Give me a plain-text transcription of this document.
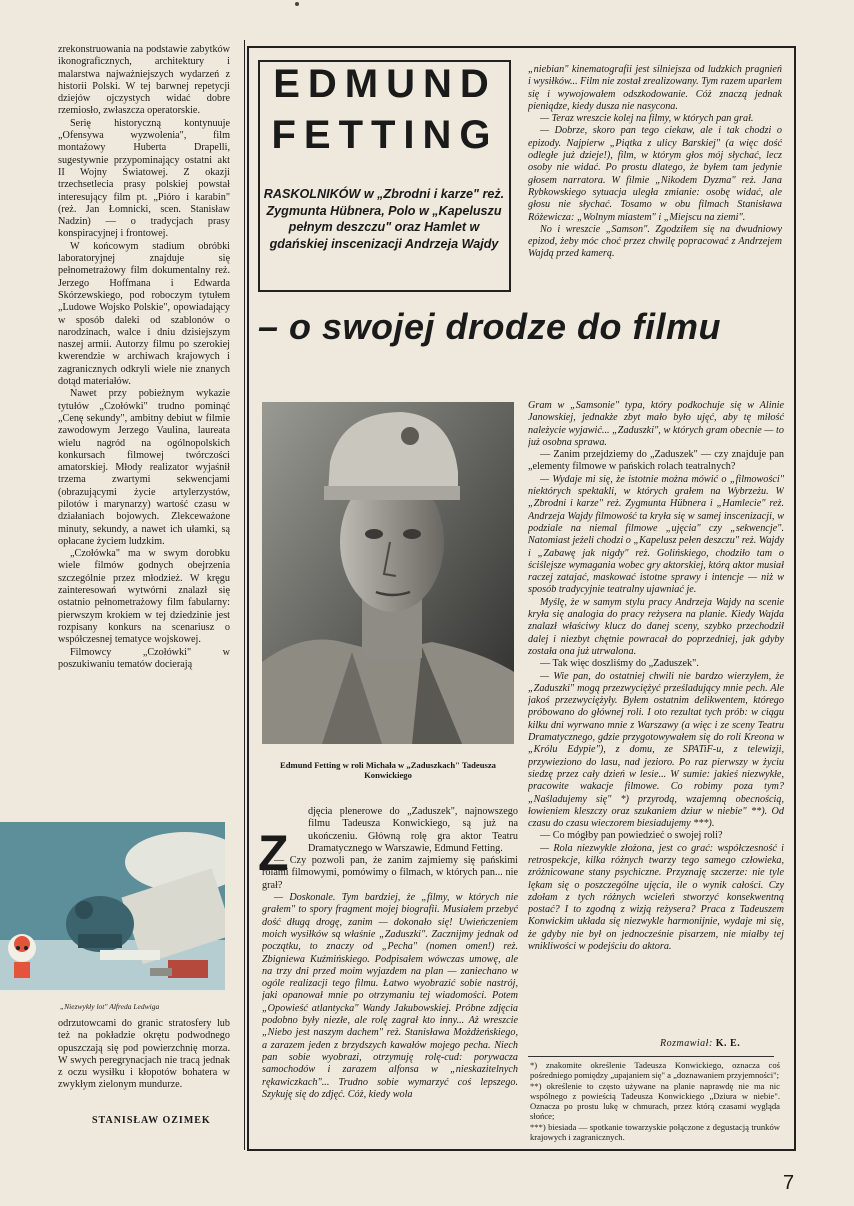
zrekonstruowania na podstawie zabytków ikonograficznych, architektury i malarstwa najważniejszych wydarzeń z historii Polski. W tej barwnej repetycji dziejów ojczystych widać dobre rzemiosło, zwłaszcza operatorskie.

Serię historyczną kontynuuje „Ofensywa wyzwolenia", film montażowy Huberta Drapelli, sugestywnie przypominający ostatni akt II Wojny Światowej. Z okazji trzechsetlecia prasy polskiej powstał interesujący film pt. „Pióro i karabin" (reż. Jan Łomnicki, scen. Stanisław Nadzin) — o tradycjach prasy konspiracyjnej i frontowej.

W końcowym stadium obróbki laboratoryjnej znajduje się pełnometrażowy film dokumentalny reż. Jerzego Hoffmana i Edwarda Skórzewskiego, pod roboczym tytułem „Ludowe Wojsko Polskie", opowiadający w sposób daleki od szablonów o narodzinach, walce i dniu dzisiejszym naszej armii. Autorzy filmu po szerokiej kwerendzie w archiwach krajowych i zagranicznych odkryli wiele nie znanych dotąd materiałów.

Nawet przy pobieżnym wykazie tytułów „Czołówki" trudno pominąć „Cenę sekundy", ambitny debiut w filmie zawodowym Jerzego Vaulina, laureata wielu nagród na ogólnopolskich konkursach filmowej twórczości amatorskiej. Młody realizator wyjaśnił trzema zwartymi sekwencjami (obrazującymi życie artylerzystów, pilotów i marynarzy) wartość czasu w działaniach bojowych. Zlekceważone minuty, sekundy, a nawet ich ułamki, są opłacane życiem ludzkim.

„Czołówka" ma w swym dorobku wiele filmów godnych obejrzenia szczególnie przez młodzież. W kręgu zainteresowań wytwórni znalazł się ostatnio pełnometrażowy film fabularny: pierwszym krokiem w tej dziedzinie jest rozpisany konkurs na scenariusz o współczesnej tematyce wojskowej.

Filmowcy „Czołówki" w poszukiwaniu tematów docierają

„Niezwykły lot" Alfreda Ledwiga

odrzutowcami do granic stratosfery lub też na pokładzie okrętu podwodnego opuszczają się pod powierzchnię morza. W swych peregrynacjach nie tracą jednak z oczu wysiłku i kłopotów bohatera w zwykłym zielonym mundurze.

STANISŁAW OZIMEK
EDMUND
FETTING
RASKOLNIKÓW w „Zbrodni i karze" reż. Zygmunta Hübnera, Polo w „Kapeluszu pełnym deszczu" oraz Hamlet w gdańskiej inscenizacji Andrzeja Wajdy

„niebian" kinematografii jest silniejsza od ludzkich pragnień i wysiłków... Film nie został zrealizowany. Tym razem uparłem się i wywojowałem odszkodowanie. Cóż znaczą jednak pieniądze, kiedy dusza nie nasycona.

— Teraz wreszcie kolej na filmy, w których pan grał.

— Dobrze, skoro pan tego ciekaw, ale i tak chodzi o epizody. Najpierw „Piątka z ulicy Barskiej" (a więc dość odległe już dzieje!), film, w którym głos mój słychać, lecz osoby nie widać. Po prostu dlatego, że byłem tam jedynie głosem narratora. W filmie „Nikodem Dyzma" reż. Jana Rybkowskiego sytuacja uległa zmianie: osobę widać, ale głosu nie słychać. Tosamo w obu filmach Stanisława Różewicza: „Wolnym miastem" i „Miejscu na ziemi".

No i wreszcie „Samson". Zgodziłem się na dwudniowy epizod, żeby móc choć przez chwilę popracować z Andrzejem Wajdą przed kamerą.

– o swojej drodze do filmu
Edmund Fetting w roli Michała w „Zaduszkach" Tadeusza Konwickiego
Z

djęcia plenerowe do „Zaduszek", najnowszego filmu Tadeusza Konwickiego, są już na ukończeniu. Główną rolę gra aktor Teatru Dramatycznego w Warszawie, Edmund Fetting.

— Czy pozwoli pan, że zanim zajmiemy się pańskimi rolami filmowymi, pomówimy o filmach, w których pan... nie grał?

— Doskonale. Tym bardziej, że „filmy, w których nie grałem" to spory fragment mojej biografii. Musiałem przebyć dość długą drogę, zanim — dokonało się! Uwieńczeniem moich wysiłków są właśnie „Zaduszki". Zacznijmy jednak od początku, to znaczy od „Pecha" (nomen omen!) reż. Zbigniewa Kuźmińskiego. Podpisałem wówczas umowę, ale na trzy dni przed moim wyjazdem na plan — zaniechano w ogóle realizacji tego filmu. Łatwo wyobrazić sobie nastrój, jaki opanował mnie po otrzymaniu tej wiadomości. Potem „Opowieść atlantycka" Wandy Jakubowskiej. Próbne zdjęcia podobno były niezłe, ale rolę zagrał kto inny... Aż wreszcie „Niebo jest naszym dachem" reż. Stanisława Możdżeńskiego, a zarazem jeden z brzydszych kawałów mojego pecha. Niech pan sobie wyobrazi, otrzymuję rolę-cud: porywacza samochodów i zarazem alfonsa w „nieskazitelnych rękawiczkach"... Trudno sobie wymarzyć coś lepszego. Szykuję się do zdjęć. Cóż, kiedy wola

Gram w „Samsonie" typa, który podkochuje się w Alinie Janowskiej, jednakże zbyt mało było ujęć, aby tę miłość należycie wyjawić... „Zaduszki", w których gram obecnie — to już osobna sprawa.

— Zanim przejdziemy do „Zaduszek" — czy znajduje pan „elementy filmowe w pańskich rolach teatralnych?

— Wydaje mi się, że istotnie można mówić o „filmowości" niektórych spektakli, w których grałem na Wybrzeżu. W „Zbrodni i karze" reż. Zygmunta Hübnera i „Hamlecie" reż. Andrzeja Wajdy filmowość ta kryła się w samej inscenizacji, w podziale na niemal filmowe „ujęcia" czy „sekwencje". Natomiast jeżeli chodzi o „Kapelusz pełen deszczu" reż. Wajdy i „Zabawę jak nigdy" reż. Golińskiego, chodziło tam o ściślejsze wymagania wobec gry aktorskiej, którą aktor musiał raczej zatajać, maskować istotne sprawy i intencje — niż w sposób tradycyjnie teatralny ujawniać je.

Myślę, że w samym stylu pracy Andrzeja Wajdy na scenie kryła się analogia do pracy reżysera na planie. Kiedy Wajda znalazł właściwy klucz do danej sceny, szybko przechodził dalej i niezbyt chętnie powracał do poprzedniej, jak gdyby została ona już utrwalona.

— Tak więc doszliśmy do „Zaduszek".

— Wie pan, do ostatniej chwili nie bardzo wierzyłem, że „Zaduszki" mogą przezwyciężyć prześladujący mnie pech. Ale jakoś przezwyciężyły. Byłem ostatnim delikwentem, którego próbowano do głównej roli. I oto rezultat tych prób: w ciągu kilku dni wyrwano mnie z Warszawy (a więc i ze sceny Teatru Dramatycznego, gdzie przygotowywałem się do roli Kreona w „Królu Edypie"), z domu, ze SPATiF-u, z telewizji, przywieziono do lasu, nad jezioro. Po raz pierwszy w życiu siedzę przez cały dzień w lesie... W sumie: jakieś niezwykłe, pracowite wakacje filmowe. Co robimy poza tym? „Naśladujemy się" *) przyrodą, wzajemną obecnością, łowieniem kleszczy oraz szukaniem dziur w niebie" **). Od czasu do czasu wieczorem biesiadujemy ***).

— Co mógłby pan powiedzieć o swojej roli?

— Rola niezwykle złożona, jest co grać: współczesność i retrospekcje, kilka różnych twarzy tego samego człowieka, zróżnicowane stany psychiczne. Przyznaję szczerze: nie tyle lękam się o poszczególne ujęcia, ile o wynik całości. Czy zdołam z tych różnych wcieleń stworzyć konsekwentną postać? I to zgodną z wizją reżysera? Praca z Tadeuszem Konwickim układa się niezwykle harmonijnie, wydaje mi się, że gdyby nie był on jednocześnie pisarzem, nie miałby tej wnikliwości w podejściu do aktora.

Rozmawiał: K. E.

*) znakomite określenie Tadeusza Konwickiego, oznacza coś pośredniego pomiędzy „upajaniem się" a „doznawaniem przyjemności";

**) określenie to często używane na planie naprawdę nie ma nic wspólnego z powieścią Tadeusza Konwickiego „Dziura w niebie". Oznacza po prostu lukę w chmurach, przez którą czasami wygląda słońce;

***) biesiada — spotkanie towarzyskie połączone z degustacją trunków krajowych i zagranicznych.

7
